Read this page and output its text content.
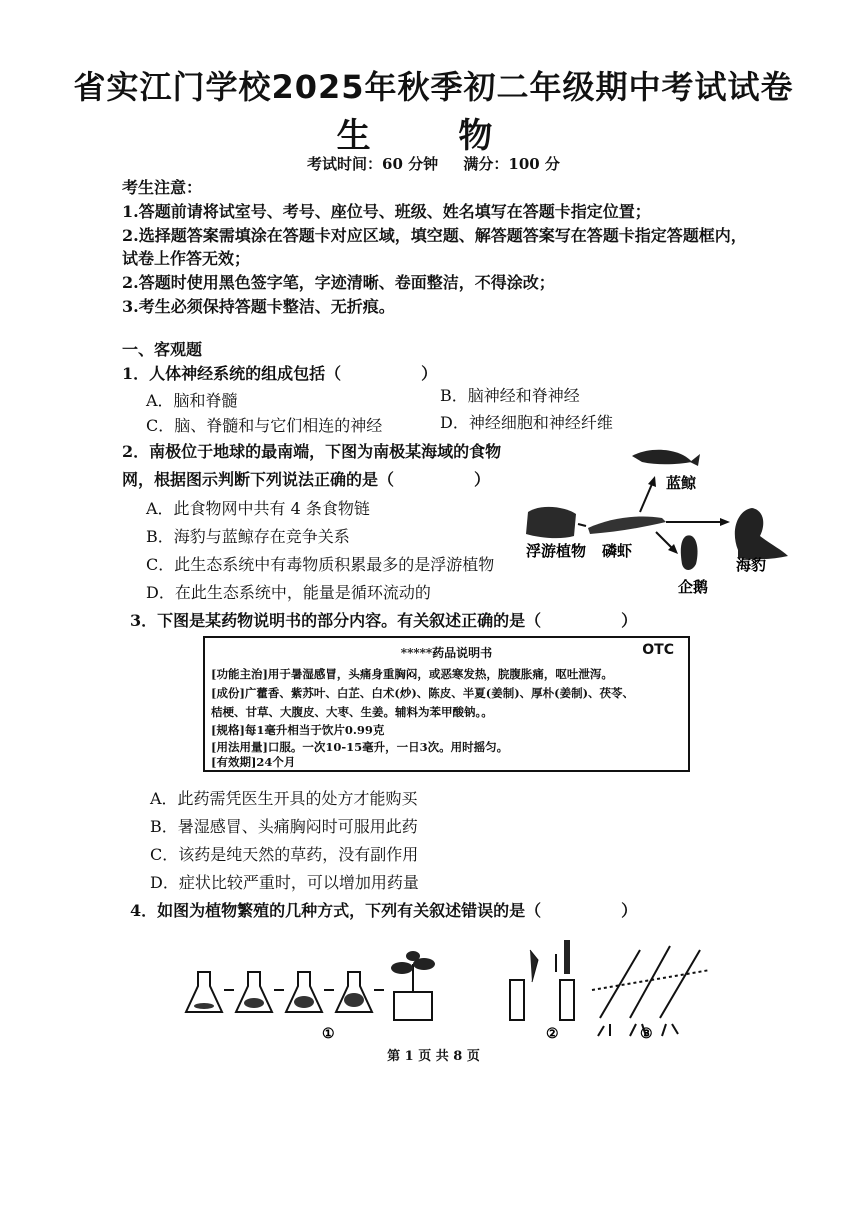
省实江门学校2025年秋季初二年级期中考试试卷
生 物
考试时间：60 分钟 满分：100 分
考生注意：
1.答题前请将试室号、考号、座位号、班级、姓名填写在答题卡指定位置；
2.选择题答案需填涂在答题卡对应区域，填空题、解答题答案写在答题卡指定答题框内，
试卷上作答无效；
2.答题时使用黑色签字笔，字迹清晰、卷面整洁，不得涂改；
3.考生必须保持答题卡整洁、无折痕。
一、客观题
1．人体神经系统的组成包括（　　　　　）
A．脑和脊髓	B．脑神经和脊神经
C．脑、脊髓和与它们相连的神经	D．神经细胞和神经纤维
2．南极位于地球的最南端，下图为南极某海域的食物
网，根据图示判断下列说法正确的是（　　　　　）
A．此食物网中共有 4 条食物链
B．海豹与蓝鲸存在竞争关系
C．此生态系统中有毒物质积累最多的是浮游植物
D．在此生态系统中，能量是循环流动的
浮游植物 磷虾
蓝鲸
企鹅
海豹
3．下图是某药物说明书的部分内容。有关叙述正确的是（　　　　　）
*****药品说明书	OTC
[功能主治]用于暑湿感冒，头痛身重胸闷，或恶寒发热，脘腹胀痛，呕吐泄泻。
[成份]广藿香、紫苏叶、白芷、白术(炒)、陈皮、半夏(姜制)、厚朴(姜制)、茯苓、
桔梗、甘草、大腹皮、大枣、生姜。辅料为苯甲酸钠。。
[规格]每1毫升相当于饮片0.99克
[用法用量]口服。一次10-15毫升，一日3次。用时摇匀。
[有效期]24个月
A．此药需凭医生开具的处方才能购买
B．暑湿感冒、头痛胸闷时可服用此药
C．该药是纯天然的草药，没有副作用
D．症状比较严重时，可以增加用药量
4．如图为植物繁殖的几种方式，下列有关叙述错误的是（　　　　　）
①	②	③
第 1 页 共 8 页
